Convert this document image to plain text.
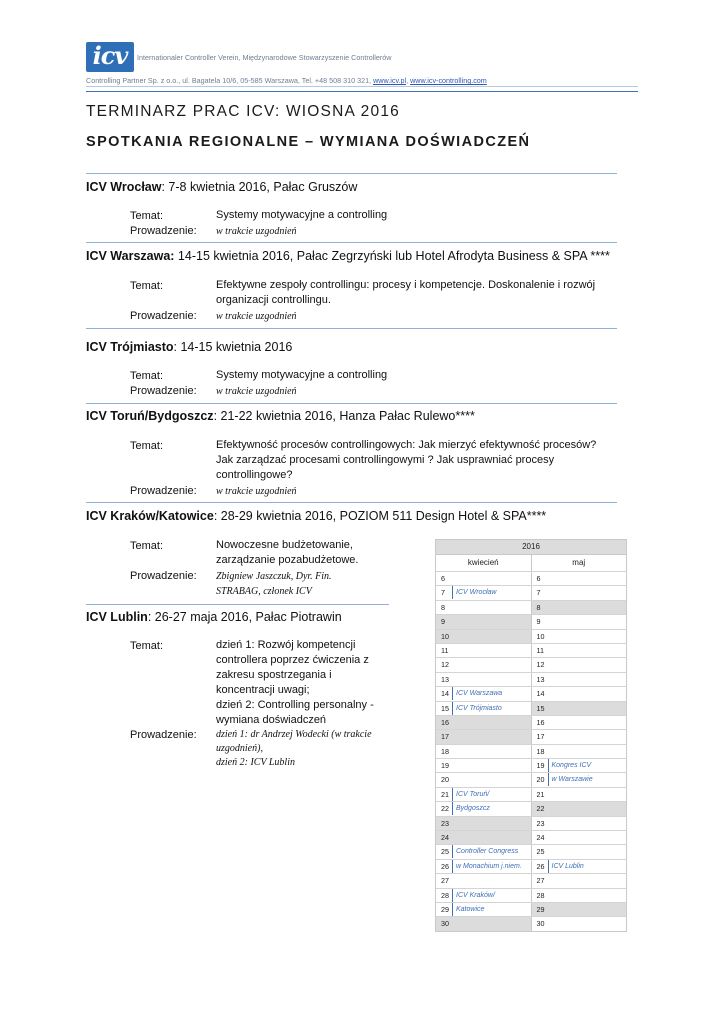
icv	Internationaler Controller Verein, Międzynarodowe Stowarzyszenie Controllerów
Controlling Partner Sp. z o.o., ul. Bagatela 10/6, 05-585 Warszawa, Tel. +48 508 310 321, www.icv.pl, www.icv-controlling.com
TERMINARZ PRAC ICV: WIOSNA 2016
SPOTKANIA REGIONALNE – WYMIANA DOŚWIADCZEŃ
ICV Wrocław: 7-8 kwietnia 2016, Pałac Gruszów
Temat:	Systemy motywacyjne a controlling
Prowadzenie: w trakcie uzgodnień
ICV Warszawa: 14-15 kwietnia 2016, Pałac Zegrzyński lub Hotel Afrodyta Business & SPA ****
Temat:	Efektywne zespoły controllingu: procesy i kompetencje. Doskonalenie i rozwój organizacji controllingu.
Prowadzenie: w trakcie uzgodnień
ICV Trójmiasto: 14-15 kwietnia 2016
Temat:	Systemy motywacyjne a controlling
Prowadzenie: w trakcie uzgodnień
ICV Toruń/Bydgoszcz: 21-22 kwietnia 2016, Hanza Pałac Rulewo****
Temat:	Efektywność procesów controllingowych: Jak mierzyć efektywność procesów? Jak zarządzać procesami controllingowymi ? Jak usprawniać procesy controllingowe?
Prowadzenie: w trakcie uzgodnień
ICV Kraków/Katowice: 28-29 kwietnia 2016, POZIOM 511 Design Hotel & SPA****
Temat:	Nowoczesne budżetowanie, zarządzanie pozabudżetowe.
Prowadzenie: Zbigniew Jaszczuk, Dyr. Fin. STRABAG, członek ICV
ICV Lublin: 26-27 maja 2016, Pałac Piotrawin
Temat:	dzień 1: Rozwój kompetencji controllera poprzez ćwiczenia z zakresu spostrzegania i koncentracji uwagi;
dzień 2: Controlling personalny - wymiana doświadczeń
Prowadzenie: dzień 1: dr Andrzej Wodecki (w trakcie uzgodnień),
dzień 2: ICV Lublin
2016
kwiecień	maj
6	6
7	ICV Wrocław	7
8	8
9	9
10	10
11	11
12	12
13	13
14	ICV Warszawa	14
15	ICV Trójmiasto	15
16	16
17	17
18	18
19	19	Kongres ICV
20	20	w Warszawie
21	ICV Toruń/	21
22	Bydgoszcz	22
23	23
24	24
25	Controller Congress	25
26	w Monachium j.niem.	26	ICV Lublin
27	27
28	ICV Kraków/	28
29	Katowice	29
30	30
